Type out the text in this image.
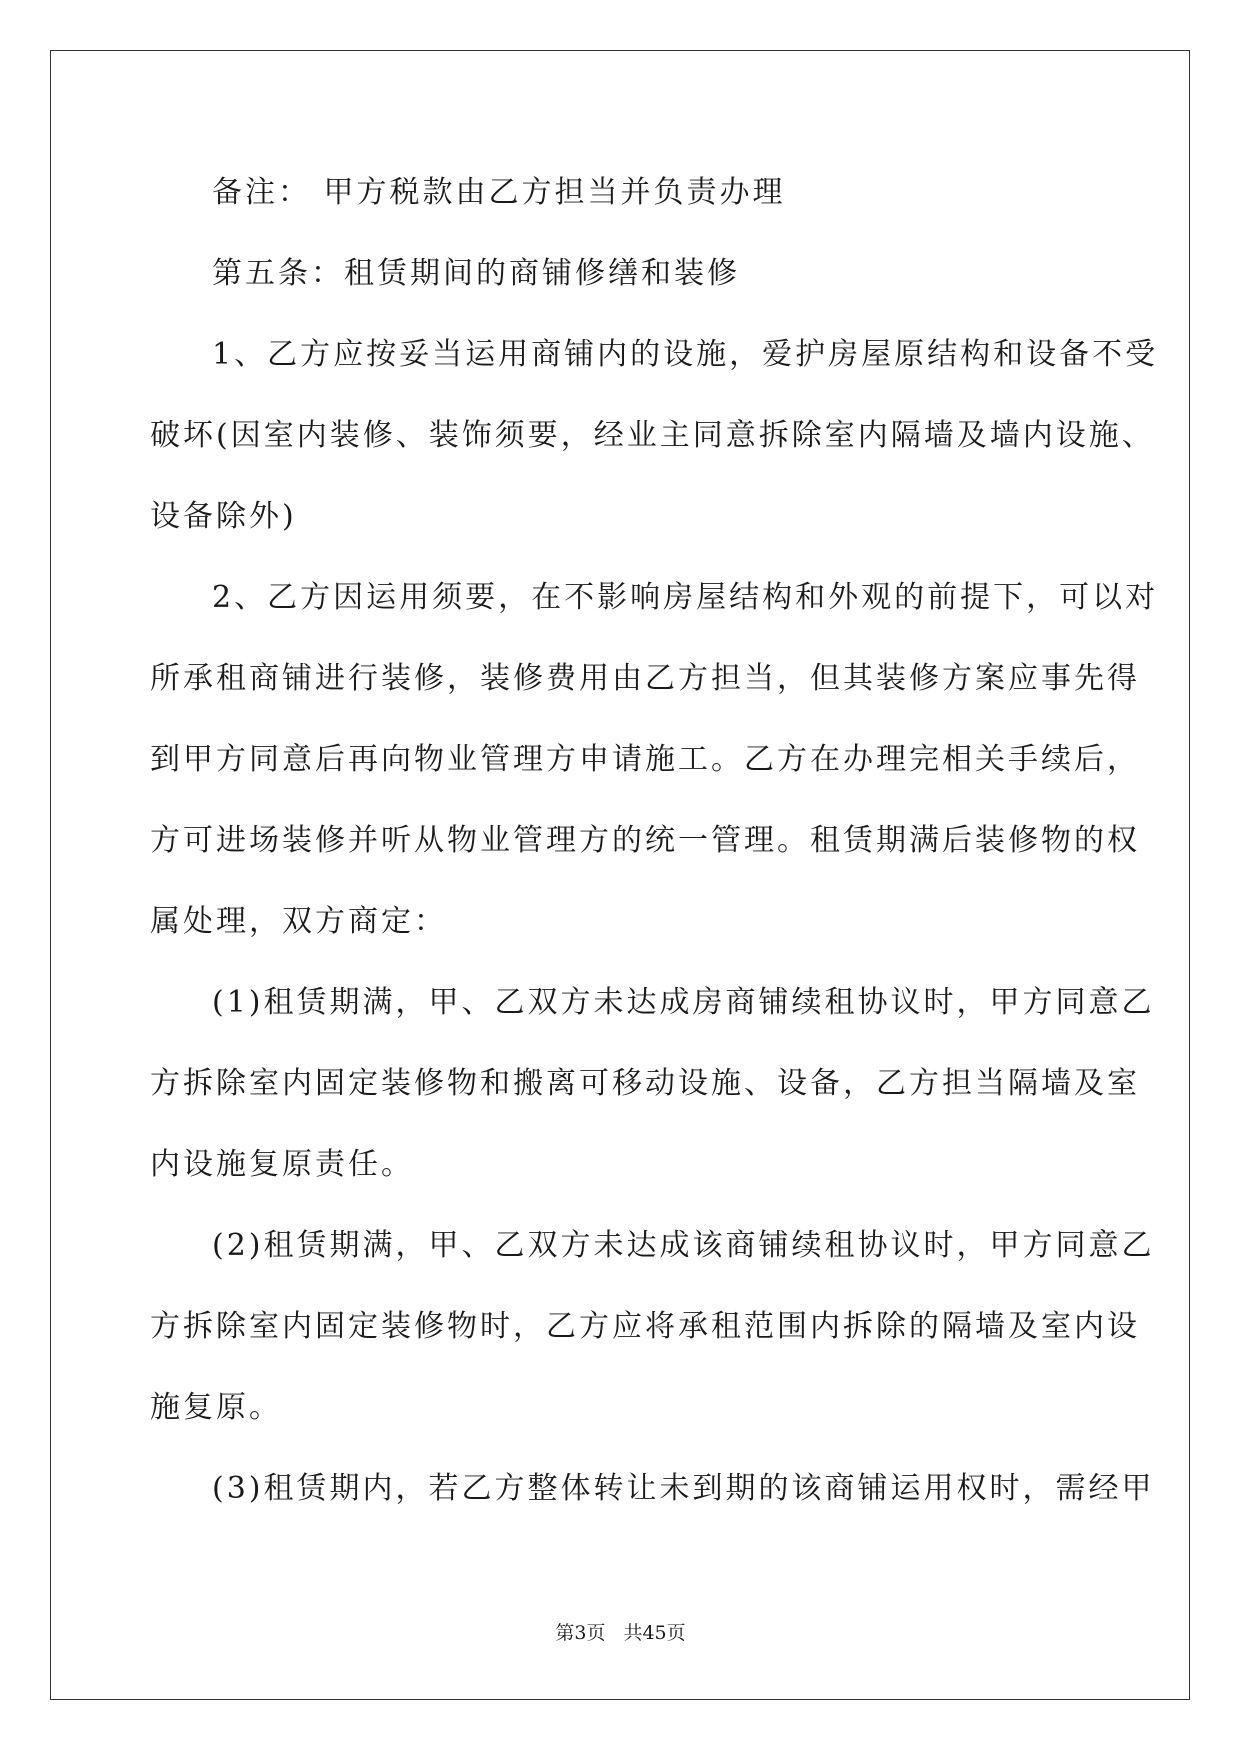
备注： 甲方税款由乙方担当并负责办理
第五条：租赁期间的商铺修缮和装修
1、乙方应按妥当运用商铺内的设施，爱护房屋原结构和设备不受
破坏(因室内装修、装饰须要，经业主同意拆除室内隔墙及墙内设施、
设备除外)
2、乙方因运用须要，在不影响房屋结构和外观的前提下，可以对
所承租商铺进行装修，装修费用由乙方担当，但其装修方案应事先得
到甲方同意后再向物业管理方申请施工。乙方在办理完相关手续后，
方可进场装修并听从物业管理方的统一管理。租赁期满后装修物的权
属处理，双方商定：
(1)租赁期满，甲、乙双方未达成房商铺续租协议时，甲方同意乙
方拆除室内固定装修物和搬离可移动设施、设备，乙方担当隔墙及室
内设施复原责任。
(2)租赁期满，甲、乙双方未达成该商铺续租协议时，甲方同意乙
方拆除室内固定装修物时，乙方应将承租范围内拆除的隔墙及室内设
施复原。
(3)租赁期内，若乙方整体转让未到期的该商铺运用权时，需经甲
第3页 共45页
